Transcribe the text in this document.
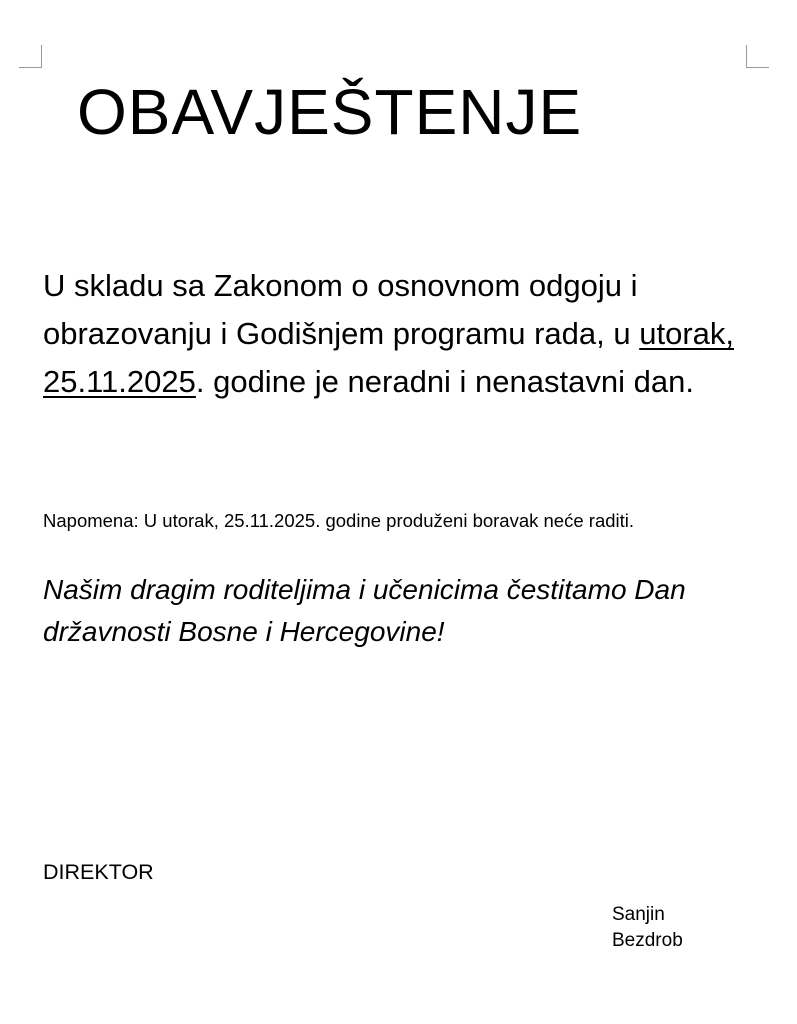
OBAVJEŠTENJE
U skladu sa Zakonom o osnovnom odgoju i obrazovanju i Godišnjem programu rada, u utorak, 25.11.2025. godine je neradni i nenastavni dan.
Napomena: U utorak, 25.11.2025. godine produženi boravak neće raditi.
Našim dragim roditeljima i učenicima čestitamo Dan državnosti Bosne i Hercegovine!
DIREKTOR
Sanjin
Bezdrob
